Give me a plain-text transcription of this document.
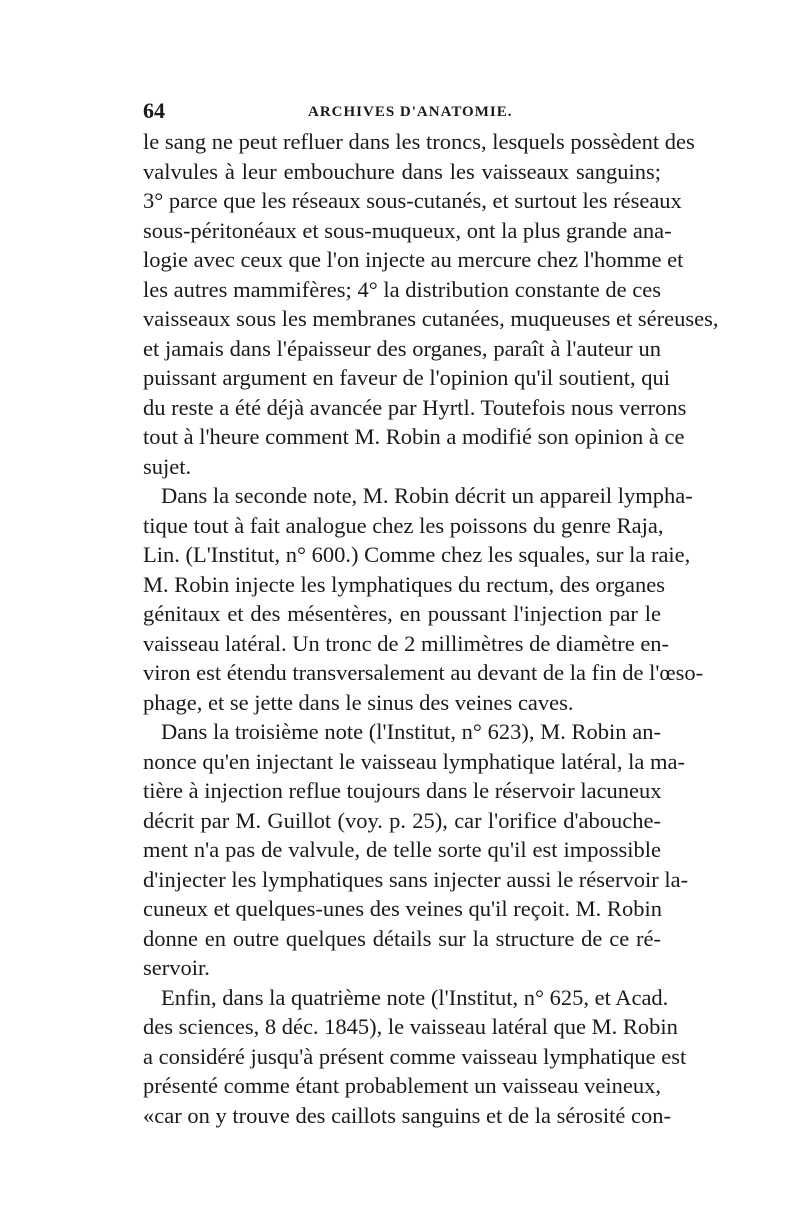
64	ARCHIVES D'ANATOMIE.
le sang ne peut refluer dans les troncs, lesquels possèdent des
valvules à leur embouchure dans les vaisseaux sanguins;
3° parce que les réseaux sous-cutanés, et surtout les réseaux
sous-péritonéaux et sous-muqueux, ont la plus grande ana-
logie avec ceux que l'on injecte au mercure chez l'homme et
les autres mammifères; 4° la distribution constante de ces
vaisseaux sous les membranes cutanées, muqueuses et séreuses,
et jamais dans l'épaisseur des organes, paraît à l'auteur un
puissant argument en faveur de l'opinion qu'il soutient, qui
du reste a été déjà avancée par Hyrtl. Toutefois nous verrons
tout à l'heure comment M. Robin a modifié son opinion à ce
sujet.
Dans la seconde note, M. Robin décrit un appareil lympha-
tique tout à fait analogue chez les poissons du genre Raja,
Lin. (L'Institut, n° 600.) Comme chez les squales, sur la raie,
M. Robin injecte les lymphatiques du rectum, des organes
génitaux et des mésentères, en poussant l'injection par le
vaisseau latéral. Un tronc de 2 millimètres de diamètre en-
viron est étendu transversalement au devant de la fin de l'œso-
phage, et se jette dans le sinus des veines caves.
Dans la troisième note (l'Institut, n° 623), M. Robin an-
nonce qu'en injectant le vaisseau lymphatique latéral, la ma-
tière à injection reflue toujours dans le réservoir lacuneux
décrit par M. Guillot (voy. p. 25), car l'orifice d'abouche-
ment n'a pas de valvule, de telle sorte qu'il est impossible
d'injecter les lymphatiques sans injecter aussi le réservoir la-
cuneux et quelques-unes des veines qu'il reçoit. M. Robin
donne en outre quelques détails sur la structure de ce ré-
servoir.
Enfin, dans la quatrième note (l'Institut, n° 625, et Acad.
des sciences, 8 déc. 1845), le vaisseau latéral que M. Robin
a considéré jusqu'à présent comme vaisseau lymphatique est
présenté comme étant probablement un vaisseau veineux,
«car on y trouve des caillots sanguins et de la sérosité con-
